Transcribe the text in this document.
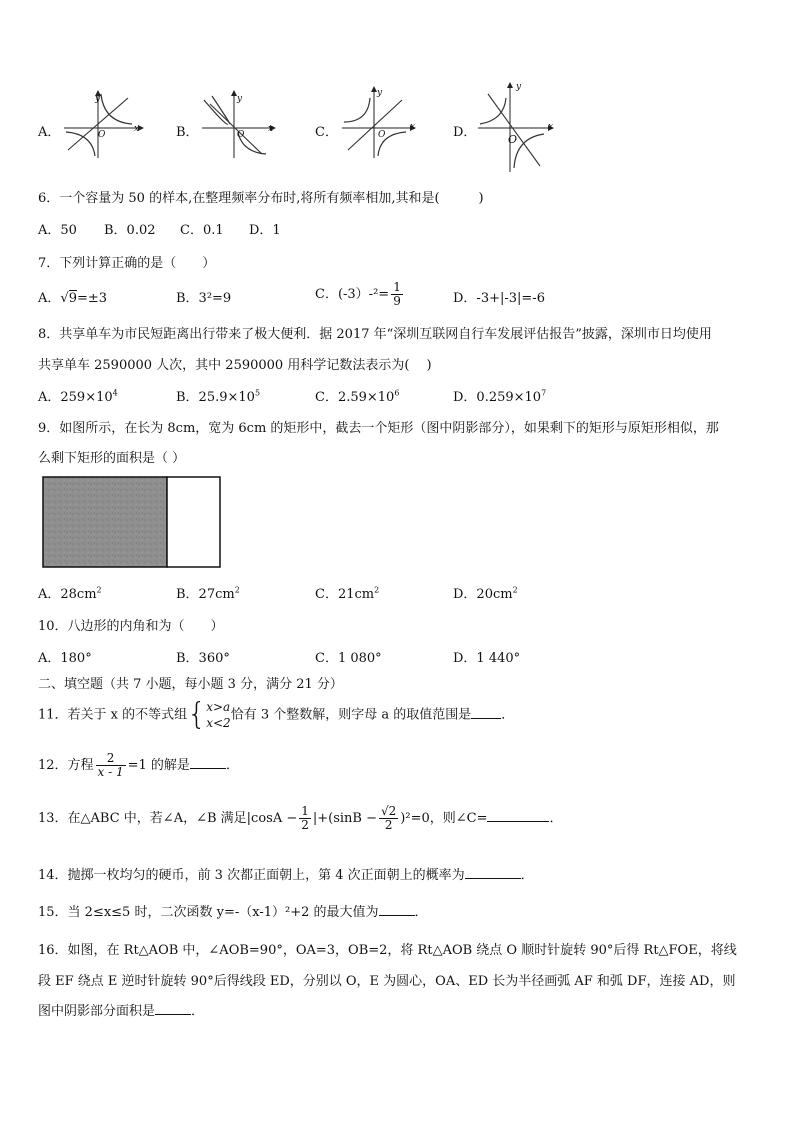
A．	B．	C．	D．
y
x
O
y
x
O
y
x
O
y
x
O
6．一个容量为 50 的样本,在整理频率分布时,将所有频率相加,其和是(　　　)
A．50 B．0.02 C．0.1 D．1
7．下列计算正确的是（　　）
A．√9=±3	B．3²=9	C．$(-3)-^2= \frac{1}{9}$	D．-3+|-3|=-6
8．共享单车为市民短距离出行带来了极大便利．据 2017 年“深圳互联网自行车发展评估报告”披露，深圳市日均使用
共享单车 2590000 人次，其中 2590000 用科学记数法表示为(　 )
A．$259\times 10^4$	B．$25.9\times 10^5$	C．$2.59\times 10^6$	D．$0.259\times 10^7$
9．如图所示，在长为 8cm，宽为 6cm 的矩形中，截去一个矩形（图中阴影部分），如果剩下的矩形与原矩形相似，那
么剩下矩形的面积是（ ）
A．$28cm^2$	B．$27cm^2$	C．$21cm^2$	D．$20cm^2$
10．八边形的内角和为（　　）
A．180°	B．360°	C．1 080°	D．1 440°
二、填空题（共 7 小题，每小题 3 分，满分 21 分）
11．若关于 x 的不等式组{ x>a
x<2
恰有 3 个整数解，则字母 a 的取值范围是 ．
12．方程 $\frac{2}{x - 1} =1$ 的解是	．
13．在△ABC 中，若∠A，∠B 满足$|\cos A - \frac{1}{2} |+(\sin B - \frac{√2}{2} )^2=0$，则∠C=	．
14．抛掷一枚均匀的硬币，前 3 次都正面朝上，第 4 次正面朝上的概率为	．
15．当 2≤x≤5 时，二次函数 y=-（x-1）²+2 的最大值为	．
16．如图，在 Rt△AOB 中，∠AOB=90°，OA=3，OB=2，将 Rt△AOB 绕点 O 顺时针旋转 90°后得 Rt△FOE，将线
段 EF 绕点 E 逆时针旋转 90°后得线段 ED，分别以 O，E 为圆心，OA、ED 长为半径画弧 AF 和弧 DF，连接 AD，则
图中阴影部分面积是	．
